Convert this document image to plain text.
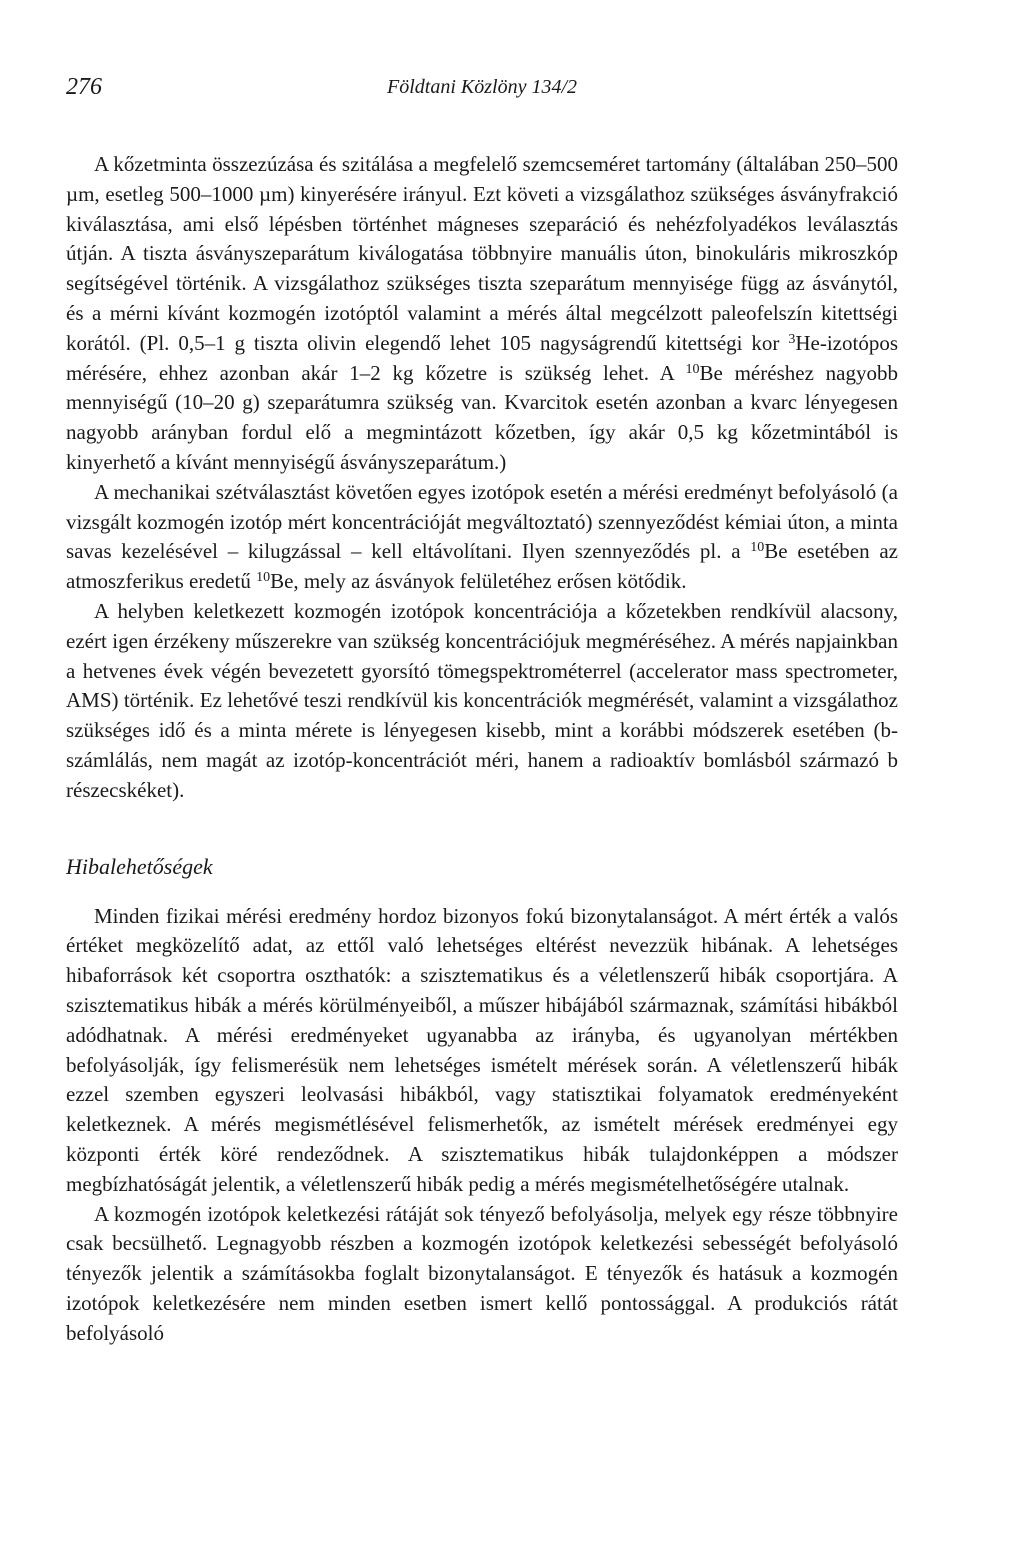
276	Földtani Közlöny 134/2

A kőzetminta összezúzása és szitálása a megfelelő szemcseméret tartomány (általában 250–500 µm, esetleg 500–1000 µm) kinyerésére irányul. Ezt követi a vizsgálathoz szükséges ásványfrakció kiválasztása, ami első lépésben történhet mágneses szeparáció és nehézfolyadékos leválasztás útján. A tiszta ásványszeparátum kiválogatása többnyire manuális úton, binokuláris mikroszkóp segítségével történik. A vizsgálathoz szükséges tiszta szeparátum mennyisége függ az ásványtól, és a mérni kívánt kozmogén izotóptól valamint a mérés által megcélzott paleofelszín kitettségi korától. (Pl. 0,5–1 g tiszta olivin elegendő lehet 105 nagyságrendű kitettségi kor $^3$He-izotópos mérésére, ehhez azonban akár 1–2 kg kőzetre is szükség lehet. A $^{10}$Be méréshez nagyobb mennyiségű (10–20 g) szeparátumra szükség van. Kvarcitok esetén azonban a kvarc lényegesen nagyobb arányban fordul elő a megmintázott kőzetben, így akár 0,5 kg kőzetmintából is kinyerhető a kívánt mennyiségű ásványszeparátum.)

A mechanikai szétválasztást követően egyes izotópok esetén a mérési eredményt befolyásoló (a vizsgált kozmogén izotóp mért koncentrációját megváltoztató) szennyeződést kémiai úton, a minta savas kezelésével – kilugzással – kell eltávolítani. Ilyen szennyeződés pl. a $^{10}$Be esetében az atmoszferikus eredetű $^{10}$Be, mely az ásványok felületéhez erősen kötődik.

A helyben keletkezett kozmogén izotópok koncentrációja a kőzetekben rendkívül alacsony, ezért igen érzékeny műszerekre van szükség koncentrációjuk megméréséhez. A mérés napjainkban a hetvenes évek végén bevezetett gyorsító tömegspektrométerrel (accelerator mass spectrometer, AMS) történik. Ez lehetővé teszi rendkívül kis koncentrációk megmérését, valamint a vizsgálathoz szükséges idő és a minta mérete is lényegesen kisebb, mint a korábbi módszerek esetében (b-számlálás, nem magát az izotóp-koncentrációt méri, hanem a radioaktív bomlásból származó b részecskéket).

Hibalehetőségek

Minden fizikai mérési eredmény hordoz bizonyos fokú bizonytalanságot. A mért érték a valós értéket megközelítő adat, az ettől való lehetséges eltérést nevezzük hibának. A lehetséges hibaforrások két csoportra oszthatók: a szisztematikus és a véletlenszerű hibák csoportjára. A szisztematikus hibák a mérés körülményeiből, a műszer hibájából származnak, számítási hibákból adódhatnak. A mérési eredményeket ugyanabba az irányba, és ugyanolyan mértékben befolyásolják, így felismerésük nem lehetséges ismételt mérések során. A véletlenszerű hibák ezzel szemben egyszeri leolvasási hibákból, vagy statisztikai folyamatok eredményeként keletkeznek. A mérés megismétlésével felismerhetők, az ismételt mérések eredményei egy központi érték köré rendeződnek. A szisztematikus hibák tulajdonképpen a módszer megbízhatóságát jelentik, a véletlenszerű hibák pedig a mérés megismételhetőségére utalnak.

A kozmogén izotópok keletkezési rátáját sok tényező befolyásolja, melyek egy része többnyire csak becsülhető. Legnagyobb részben a kozmogén izotópok keletkezési sebességét befolyásoló tényezők jelentik a számításokba foglalt bizonytalanságot. E tényezők és hatásuk a kozmogén izotópok keletkezésére nem minden esetben ismert kellő pontossággal. A produkciós rátát befolyásoló
